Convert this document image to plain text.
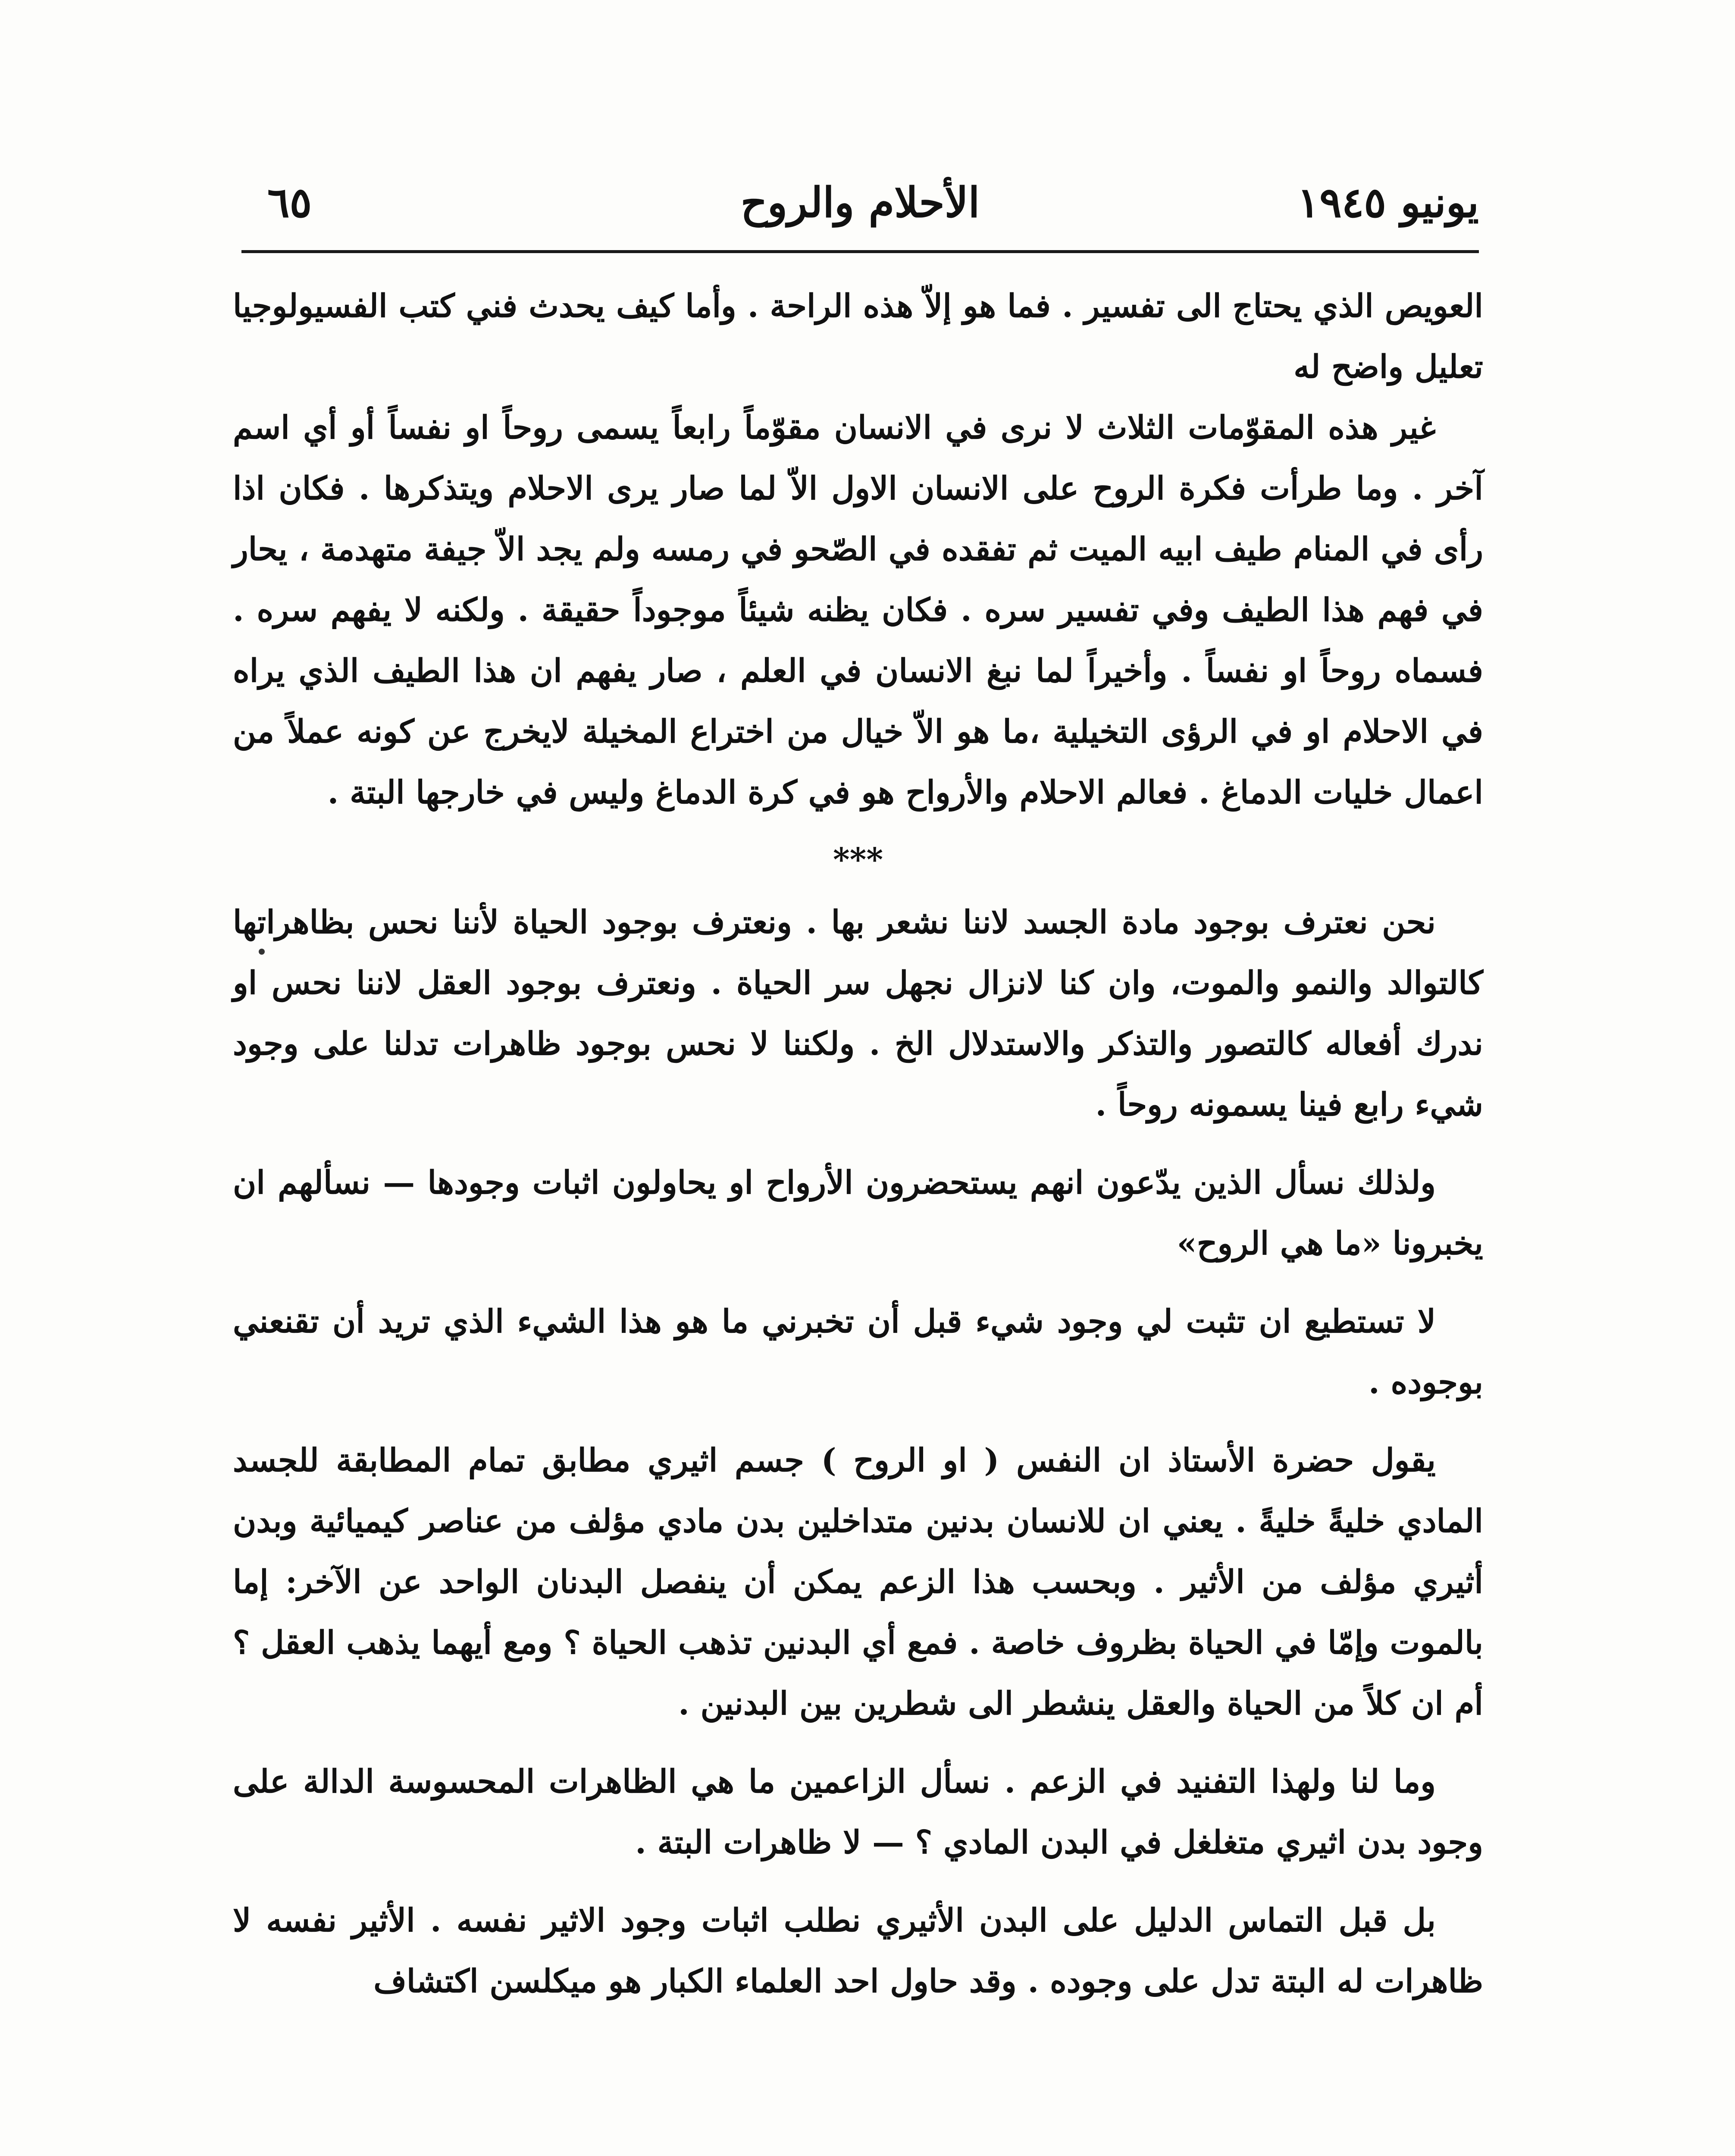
يونيو ١٩٤٥
الأحلام والروح
٦٥

العويص الذي يحتاج الى تفسير . فما هو إلاّ هذه الراحة . وأما كيف يحدث فني كتب الفسيولوجيا تعليل واضح له

غير هذه المقوّمات الثلاث لا نرى في الانسان مقوّماً رابعاً يسمى روحاً او نفساً أو أي اسم آخر . وما طرأت فكرة الروح على الانسان الاول الاّ لما صار يرى الاحلام ويتذكرها . فكان اذا رأى في المنام طيف ابيه الميت ثم تفقده في الصّحو في رمسه ولم يجد الاّ جيفة متهدمة ، يحار في فهم هذا الطيف وفي تفسير سره . فكان يظنه شيئاً موجوداً حقيقة . ولكنه لا يفهم سره . فسماه روحاً او نفساً . وأخيراً لما نبغ الانسان في العلم ، صار يفهم ان هذا الطيف الذي يراه في الاحلام او في الرؤى التخيلية ،ما هو الاّ خيال من اختراع المخيلة لايخرج عن كونه عملاً من اعمال خليات الدماغ . فعالم الاحلام والأرواح هو في كرة الدماغ وليس في خارجها البتة .

***

نحن نعترف بوجود مادة الجسد لاننا نشعر بها . ونعترف بوجود الحياة لأننا نحس بظاهراتها كالتوالد والنمو والموت، وان كنا لانزال نجهل سر الحياة . ونعترف بوجود العقل لاننا نحس او ندرك أفعاله كالتصور والتذكر والاستدلال الخ . ولكننا لا نحس بوجود ظاهرات تدلنا على وجود شيء رابع فينا يسمونه روحاً .

ولذلك نسأل الذين يدّعون انهم يستحضرون الأرواح او يحاولون اثبات وجودها — نسألهم ان يخبرونا «ما هي الروح»

لا تستطيع ان تثبت لي وجود شيء قبل أن تخبرني ما هو هذا الشيء الذي تريد أن تقنعني بوجوده .

يقول حضرة الأستاذ ان النفس ( او الروح ) جسم اثيري مطابق تمام المطابقة للجسد المادي خليةً خليةً . يعني ان للانسان بدنين متداخلين بدن مادي مؤلف من عناصر كيميائية وبدن أثيري مؤلف من الأثير . وبحسب هذا الزعم يمكن أن ينفصل البدنان الواحد عن الآخر: إما بالموت وإمّا في الحياة بظروف خاصة . فمع أي البدنين تذهب الحياة ؟ ومع أيهما يذهب العقل ؟ أم ان كلاً من الحياة والعقل ينشطر الى شطرين بين البدنين .

وما لنا ولهذا التفنيد في الزعم . نسأل الزاعمين ما هي الظاهرات المحسوسة الدالة على وجود بدن اثيري متغلغل في البدن المادي ؟ — لا ظاهرات البتة .

بل قبل التماس الدليل على البدن الأثيري نطلب اثبات وجود الاثير نفسه . الأثير نفسه لا ظاهرات له البتة تدل على وجوده . وقد حاول احد العلماء الكبار هو ميكلسن اكتشاف
